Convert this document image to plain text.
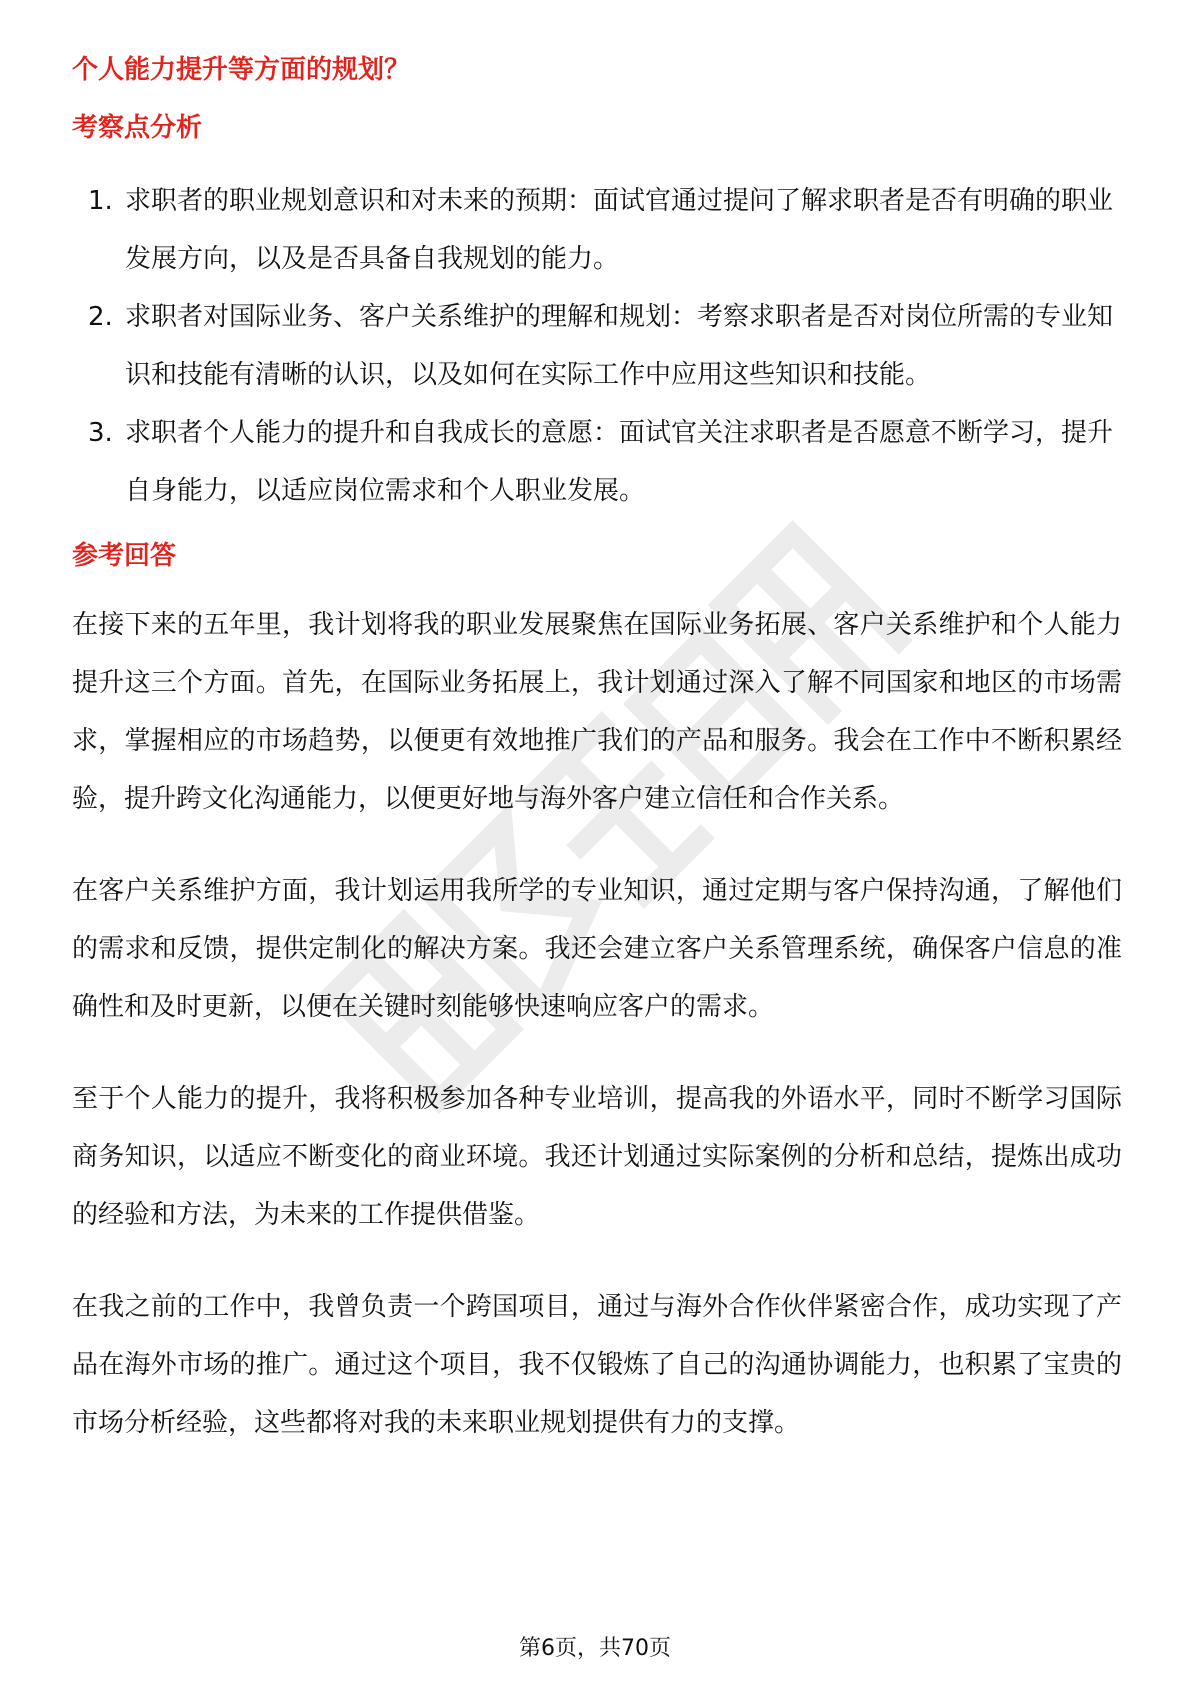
个人能力提升等方面的规划？
考察点分析
1. 求职者的职业规划意识和对未来的预期：面试官通过提问了解求职者是否有明确的职业发展方向，以及是否具备自我规划的能力。
2. 求职者对国际业务、客户关系维护的理解和规划：考察求职者是否对岗位所需的专业知识和技能有清晰的认识，以及如何在实际工作中应用这些知识和技能。
3. 求职者个人能力的提升和自我成长的意愿：面试官关注求职者是否愿意不断学习，提升自身能力，以适应岗位需求和个人职业发展。
参考回答

在接下来的五年里，我计划将我的职业发展聚焦在国际业务拓展、客户关系维护和个人能力提升这三个方面。首先，在国际业务拓展上，我计划通过深入了解不同国家和地区的市场需求，掌握相应的市场趋势，以便更有效地推广我们的产品和服务。我会在工作中不断积累经验，提升跨文化沟通能力，以便更好地与海外客户建立信任和合作关系。

在客户关系维护方面，我计划运用我所学的专业知识，通过定期与客户保持沟通，了解他们的需求和反馈，提供定制化的解决方案。我还会建立客户关系管理系统，确保客户信息的准确性和及时更新，以便在关键时刻能够快速响应客户的需求。

至于个人能力的提升，我将积极参加各种专业培训，提高我的外语水平，同时不断学习国际商务知识，以适应不断变化的商业环境。我还计划通过实际案例的分析和总结，提炼出成功的经验和方法，为未来的工作提供借鉴。

在我之前的工作中，我曾负责一个跨国项目，通过与海外合作伙伴紧密合作，成功实现了产品在海外市场的推广。通过这个项目，我不仅锻炼了自己的沟通协调能力，也积累了宝贵的市场分析经验，这些都将对我的未来职业规划提供有力的支撑。

第6页，共70页
